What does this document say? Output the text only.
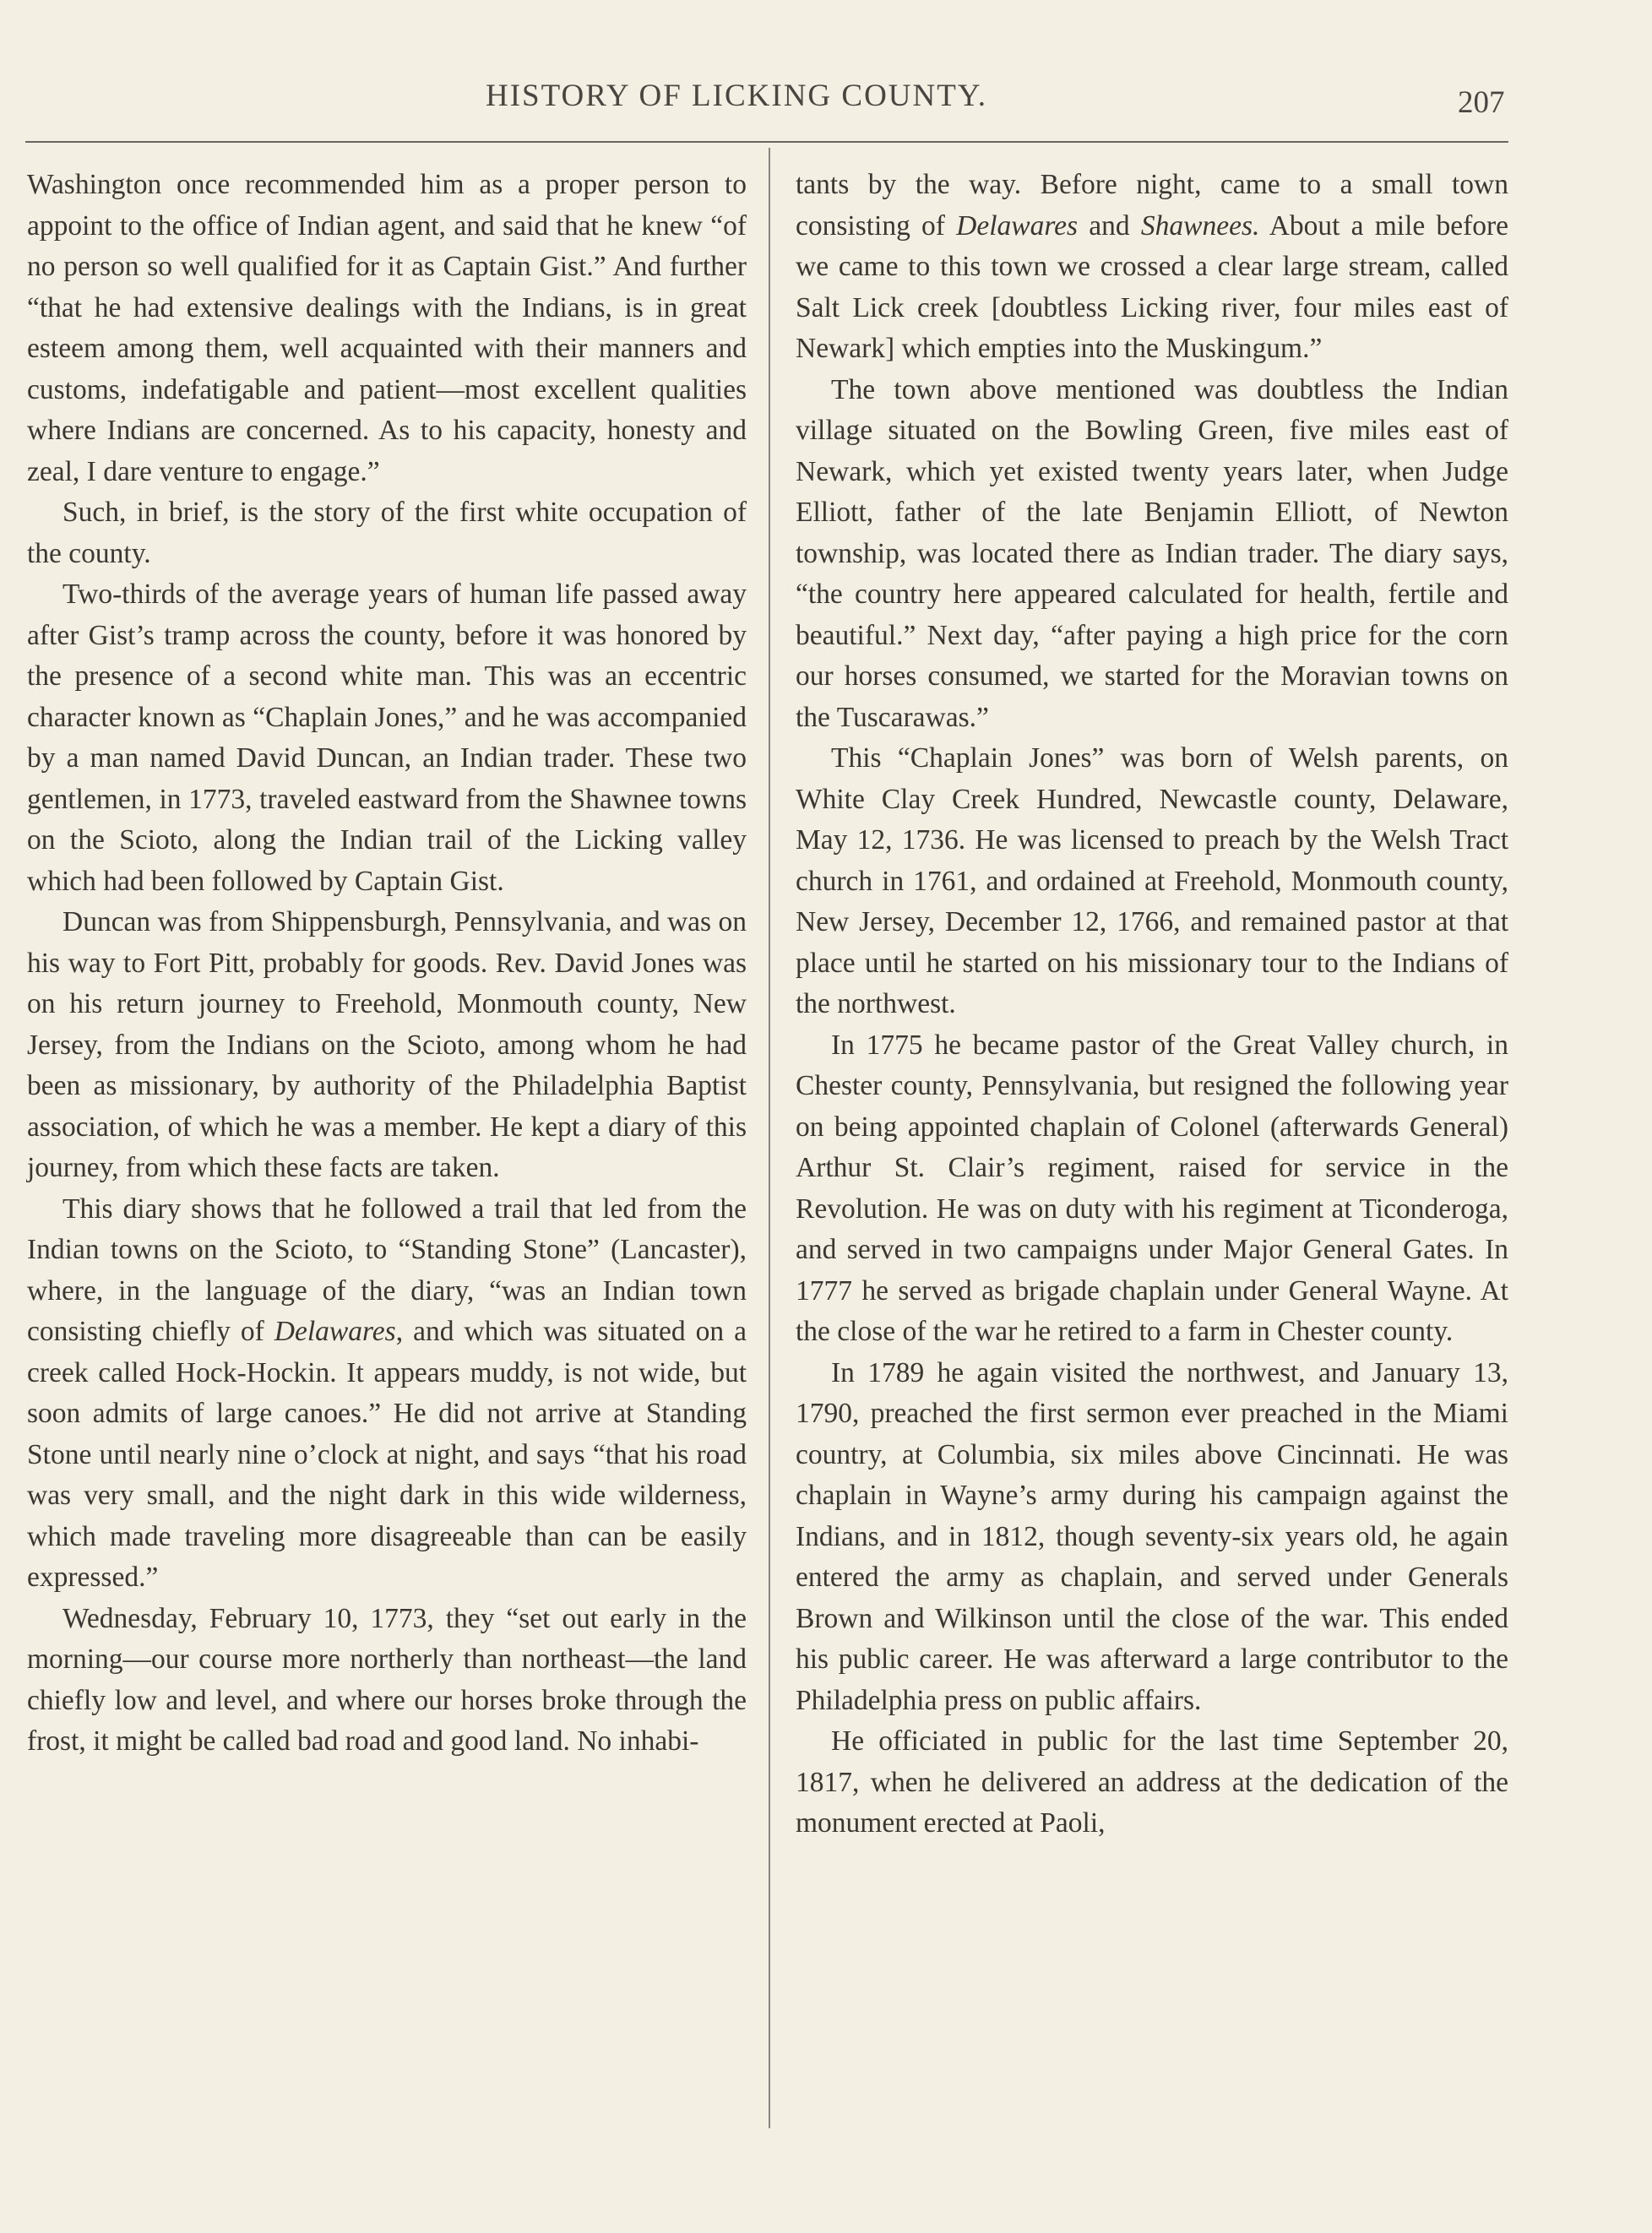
HISTORY OF LICKING COUNTY.	207

Washington once recommended him as a proper person to appoint to the office of Indian agent, and said that he knew “of no person so well qualified for it as Captain Gist.” And further “that he had extensive dealings with the Indians, is in great esteem among them, well acquainted with their manners and customs, indefatigable and patient—most excellent qualities where Indians are concerned. As to his capacity, honesty and zeal, I dare venture to engage.”

Such, in brief, is the story of the first white occupation of the county.

Two-thirds of the average years of human life passed away after Gist’s tramp across the county, before it was honored by the presence of a second white man. This was an eccentric character known as “Chaplain Jones,” and he was accompanied by a man named David Duncan, an Indian trader. These two gentlemen, in 1773, traveled eastward from the Shawnee towns on the Scioto, along the Indian trail of the Licking valley which had been followed by Captain Gist.

Duncan was from Shippensburgh, Pennsylvania, and was on his way to Fort Pitt, probably for goods. Rev. David Jones was on his return journey to Freehold, Monmouth county, New Jersey, from the Indians on the Scioto, among whom he had been as missionary, by authority of the Philadelphia Baptist association, of which he was a member. He kept a diary of this journey, from which these facts are taken.

This diary shows that he followed a trail that led from the Indian towns on the Scioto, to “Standing Stone” (Lancaster), where, in the language of the diary, “was an Indian town consisting chiefly of Delawares, and which was situated on a creek called Hock-Hockin. It appears muddy, is not wide, but soon admits of large canoes.” He did not arrive at Standing Stone until nearly nine o’clock at night, and says “that his road was very small, and the night dark in this wide wilderness, which made traveling more disagreeable than can be easily expressed.”

Wednesday, February 10, 1773, they “set out early in the morning—our course more northerly than northeast—the land chiefly low and level, and where our horses broke through the frost, it might be called bad road and good land. No inhabi-

tants by the way. Before night, came to a small town consisting of Delawares and Shawnees. About a mile before we came to this town we crossed a clear large stream, called Salt Lick creek [doubtless Licking river, four miles east of Newark] which empties into the Muskingum.”

The town above mentioned was doubtless the Indian village situated on the Bowling Green, five miles east of Newark, which yet existed twenty years later, when Judge Elliott, father of the late Benjamin Elliott, of Newton township, was located there as Indian trader. The diary says, “the country here appeared calculated for health, fertile and beautiful.” Next day, “after paying a high price for the corn our horses consumed, we started for the Moravian towns on the Tuscarawas.”

This “Chaplain Jones” was born of Welsh parents, on White Clay Creek Hundred, Newcastle county, Delaware, May 12, 1736. He was licensed to preach by the Welsh Tract church in 1761, and ordained at Freehold, Monmouth county, New Jersey, December 12, 1766, and remained pastor at that place until he started on his missionary tour to the Indians of the northwest.

In 1775 he became pastor of the Great Valley church, in Chester county, Pennsylvania, but resigned the following year on being appointed chaplain of Colonel (afterwards General) Arthur St. Clair’s regiment, raised for service in the Revolution. He was on duty with his regiment at Ticonderoga, and served in two campaigns under Major General Gates. In 1777 he served as brigade chaplain under General Wayne. At the close of the war he retired to a farm in Chester county.

In 1789 he again visited the northwest, and January 13, 1790, preached the first sermon ever preached in the Miami country, at Columbia, six miles above Cincinnati. He was chaplain in Wayne’s army during his campaign against the Indians, and in 1812, though seventy-six years old, he again entered the army as chaplain, and served under Generals Brown and Wilkinson until the close of the war. This ended his public career. He was afterward a large contributor to the Philadelphia press on public affairs.

He officiated in public for the last time September 20, 1817, when he delivered an address at the dedication of the monument erected at Paoli,
